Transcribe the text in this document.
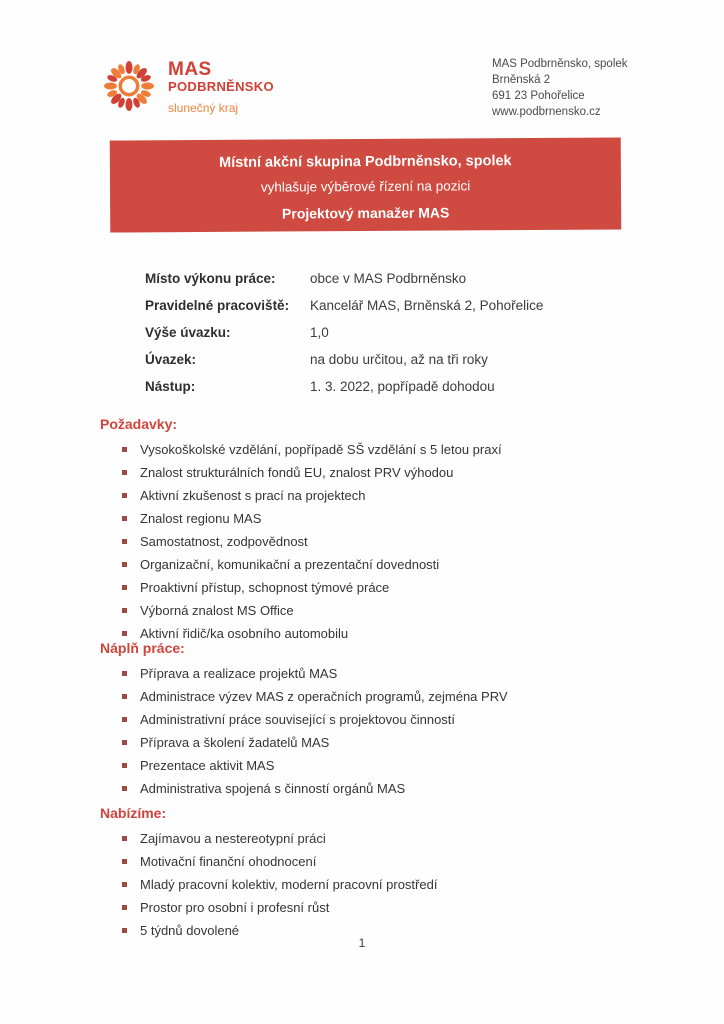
MAS
PODBRNĚNSKO
slunečný kraj
MAS Podbrněnsko, spolek
Brněnská 2
691 23 Pohořelice
www.podbrnensko.cz
Místní akční skupina Podbrněnsko, spolek
vyhlašuje výběrové řízení na pozici
Projektový manažer MAS
Místo výkonu práce:	obce v MAS Podbrněnsko
Pravidelné pracoviště:	Kancelář MAS, Brněnská 2, Pohořelice
Výše úvazku:	1,0
Úvazek:	na dobu určitou, až na tři roky
Nástup:	1. 3. 2022, popřípadě dohodou
Požadavky:
Vysokoškolské vzdělání, popřípadě SŠ vzdělání s 5 letou praxí
Znalost strukturálních fondů EU, znalost PRV výhodou
Aktivní zkušenost s prací na projektech
Znalost regionu MAS
Samostatnost, zodpovědnost
Organizační, komunikační a prezentační dovednosti
Proaktivní přístup, schopnost týmové práce
Výborná znalost MS Office
Aktivní řidič/ka osobního automobilu
Náplň práce:
Příprava a realizace projektů MAS
Administrace výzev MAS z operačních programů, zejména PRV
Administrativní práce související s projektovou činností
Příprava a školení žadatelů MAS
Prezentace aktivit MAS
Administrativa spojená s činností orgánů MAS
Nabízíme:
Zajímavou a nestereotypní práci
Motivační finanční ohodnocení
Mladý pracovní kolektiv, moderní pracovní prostředí
Prostor pro osobní i profesní růst
5 týdnů dovolené
1
